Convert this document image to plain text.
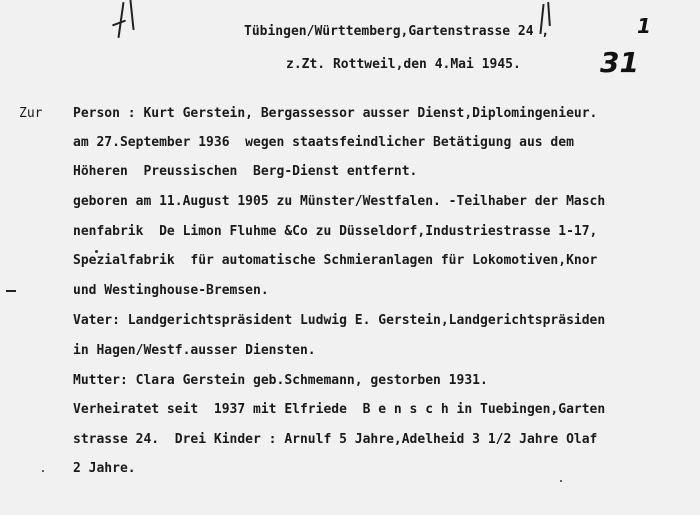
Tübingen/Württemberg,Gartenstrasse 24 ,
z.Zt. Rottweil,den 4.Mai 1945.
1
31
Zur Person : Kurt Gerstein, Bergassessor ausser Dienst,Diplomingenieur.
am 27.September 1936  wegen staatsfeindlicher Betätigung aus dem
Höheren  Preussischen  Berg-Dienst entfernt.
geboren am 11.August 1905 zu Münster/Westfalen. -Teilhaber der Masch
nenfabrik  De Limon Fluhme &Co zu Düsseldorf,Industriestrasse 1-17,
Spezialfabrik  für automatische Schmieranlagen für Lokomotiven,Knor
und Westinghouse-Bremsen.
Vater: Landgerichtspräsident Ludwig E. Gerstein,Landgerichtspräsiden
in Hagen/Westf.ausser Diensten.
Mutter: Clara Gerstein geb.Schmemann, gestorben 1931.
Verheiratet seit  1937 mit Elfriede  B e n s c h in Tuebingen,Garten
strasse 24.  Drei Kinder : Arnulf 5 Jahre,Adelheid 3 1/2 Jahre Olaf
2 Jahre.
